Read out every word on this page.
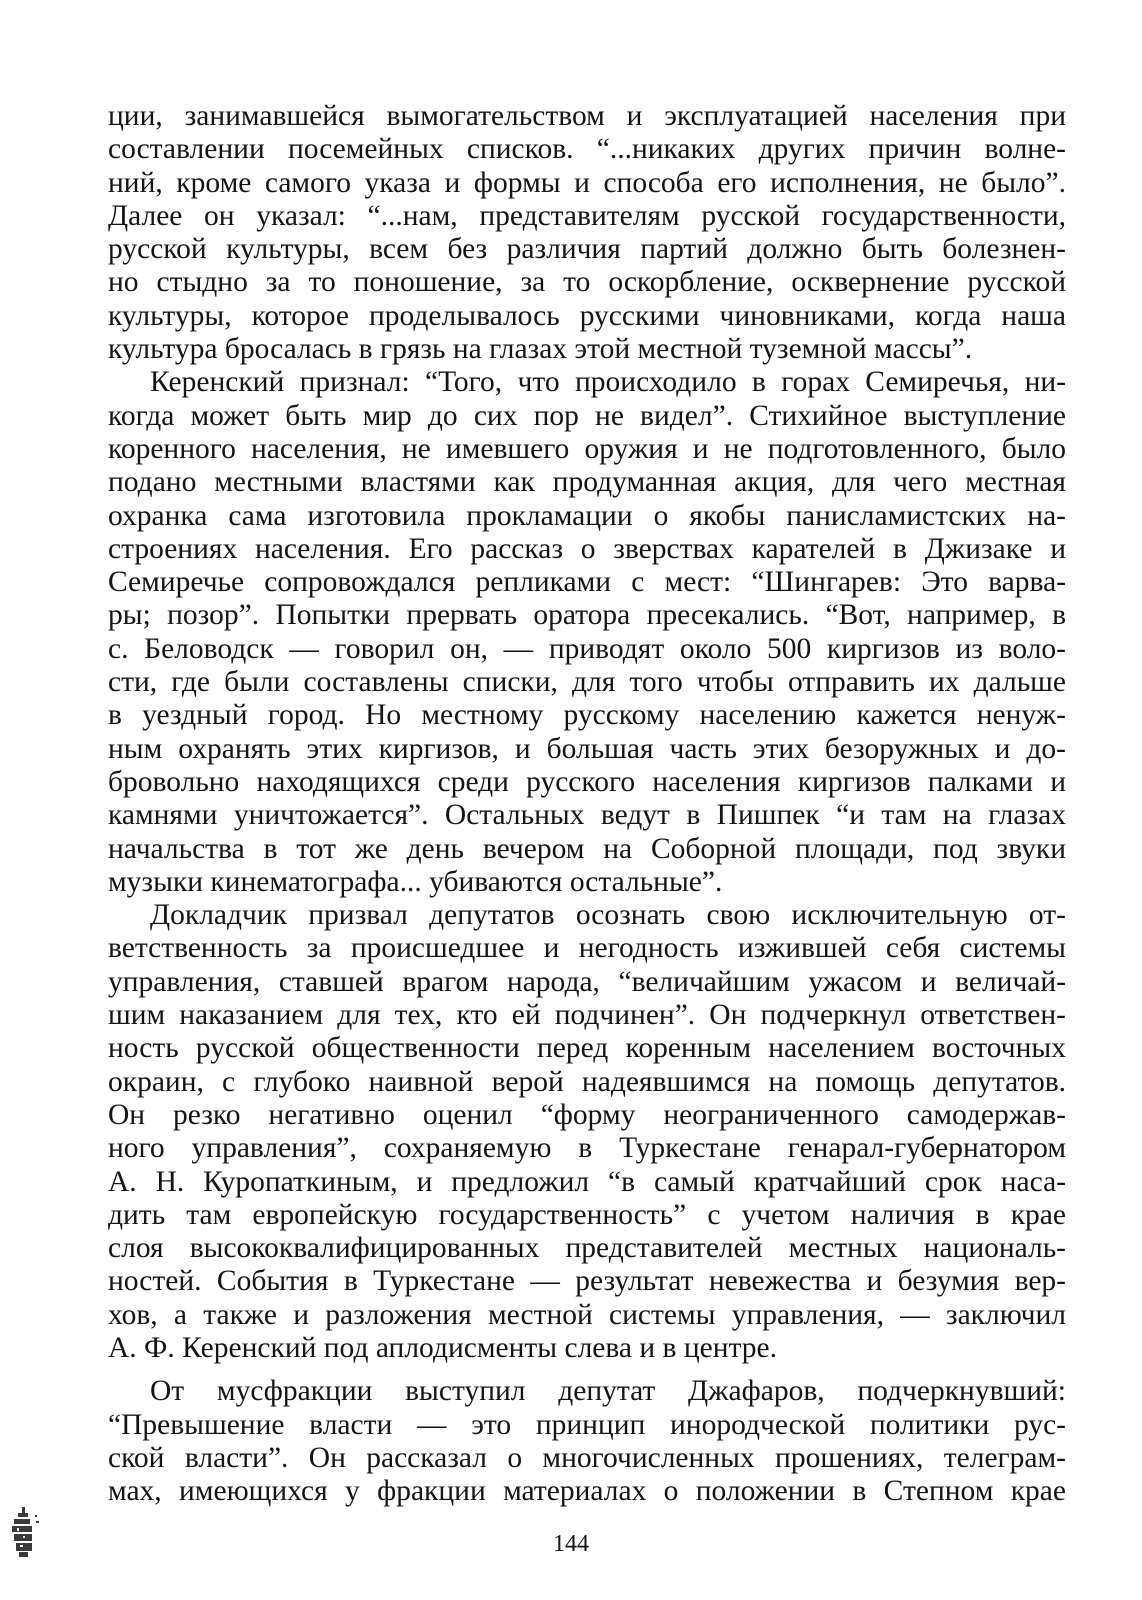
ции, занимавшейся вымогательством и эксплуатацией населения при
составлении посемейных списков. “...никаких других причин волне-
ний, кроме самого указа и формы и способа его исполнения, не было”.
Далее он указал: “...нам, представителям русской государственности,
русской культуры, всем без различия партий должно быть болезнен-
но стыдно за то поношение, за то оскорбление, осквернение русской
культуры, которое проделывалось русскими чиновниками, когда наша
культура бросалась в грязь на глазах этой местной туземной массы”.
Керенский признал: “Того, что происходило в горах Семиречья, ни-
когда может быть мир до сих пор не видел”. Стихийное выступление
коренного населения, не имевшего оружия и не подготовленного, было
подано местными властями как продуманная акция, для чего местная
охранка сама изготовила прокламации о якобы панисламистских на-
строениях населения. Его рассказ о зверствах карателей в Джизаке и
Семиречье сопровождался репликами с мест: “Шингарев: Это варва-
ры; позор”. Попытки прервать оратора пресекались. “Вот, например, в
с. Беловодск — говорил он, — приводят около 500 киргизов из воло-
сти, где были составлены списки, для того чтобы отправить их дальше
в уездный город. Но местному русскому населению кажется ненуж-
ным охранять этих киргизов, и большая часть этих безоружных и до-
бровольно находящихся среди русского населения киргизов палками и
камнями уничтожается”. Остальных ведут в Пишпек “и там на глазах
начальства в тот же день вечером на Соборной площади, под звуки
музыки кинематографа... убиваются остальные”.
Докладчик призвал депутатов осознать свою исключительную от-
ветственность за происшедшее и негодность изжившей себя системы
управления, ставшей врагом народа, “величайшим ужасом и величай-
шим наказанием для тех, кто ей подчинен”. Он подчеркнул ответствен-
ность русской общественности перед коренным населением восточных
окраин, с глубоко наивной верой надеявшимся на помощь депутатов.
Он резко негативно оценил “форму неограниченного самодержав-
ного управления”, сохраняемую в Туркестане генарал-губернатором
А. Н. Куропаткиным, и предложил “в самый кратчайший срок наса-
дить там европейскую государственность” с учетом наличия в крае
слоя высококвалифицированных представителей местных националь-
ностей. События в Туркестане — результат невежества и безумия вер-
хов, а также и разложения местной системы управления, — заключил
А. Ф. Керенский под аплодисменты слева и в центре.
От мусфракции выступил депутат Джафаров, подчеркнувший:
“Превышение власти — это принцип инородческой политики рус-
ской власти”. Он рассказал о многочисленных прошениях, телеграм-
мах, имеющихся у фракции материалах о положении в Степном крае
144
